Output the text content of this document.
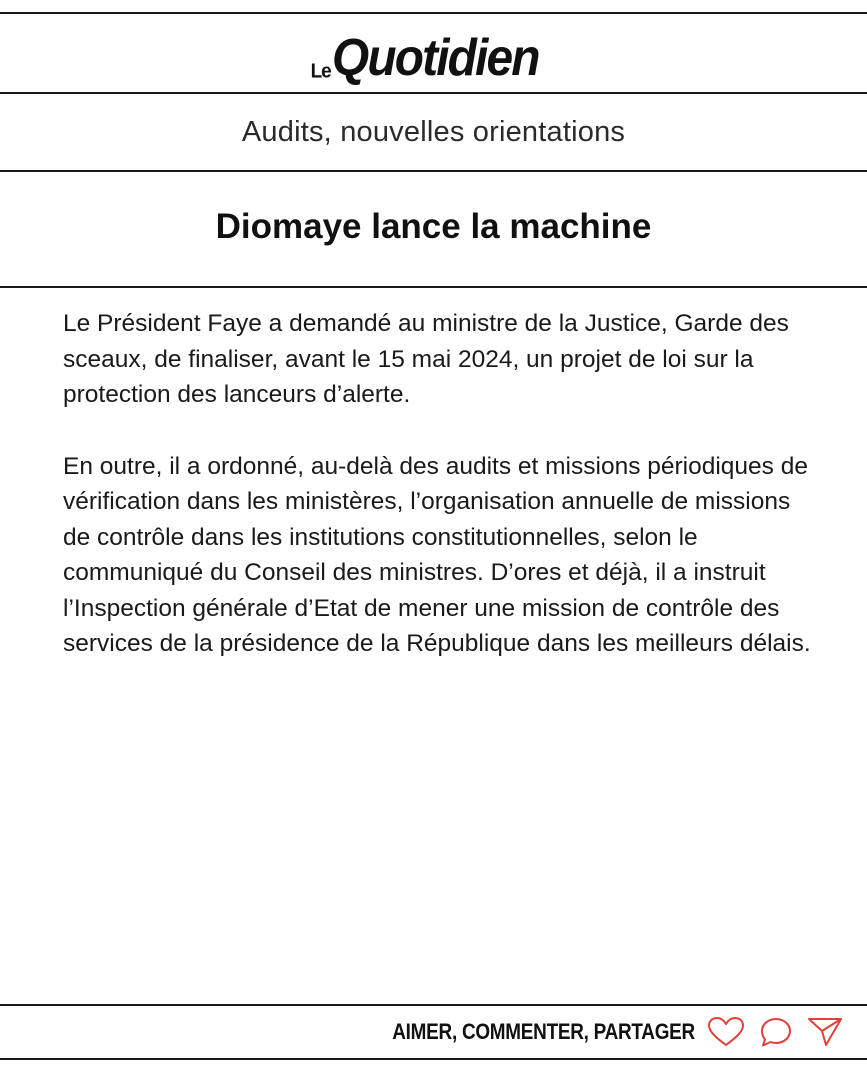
Le Quotidien
Audits, nouvelles orientations
Diomaye lance la machine

Le Président Faye a demandé au ministre de la Justice, Garde des sceaux, de finaliser, avant le 15 mai 2024, un projet de loi sur la protection des lanceurs d’alerte.

En outre, il a ordonné, au-delà des audits et missions périodiques de vérification dans les ministères, l’organisation annuelle de missions de contrôle dans les institutions constitutionnelles, selon le communiqué du Conseil des ministres. D’ores et déjà, il a instruit l’Inspection générale d’Etat de mener une mission de contrôle des services de la présidence de la République dans les meilleurs délais.

AIMER, COMMENTER, PARTAGER
